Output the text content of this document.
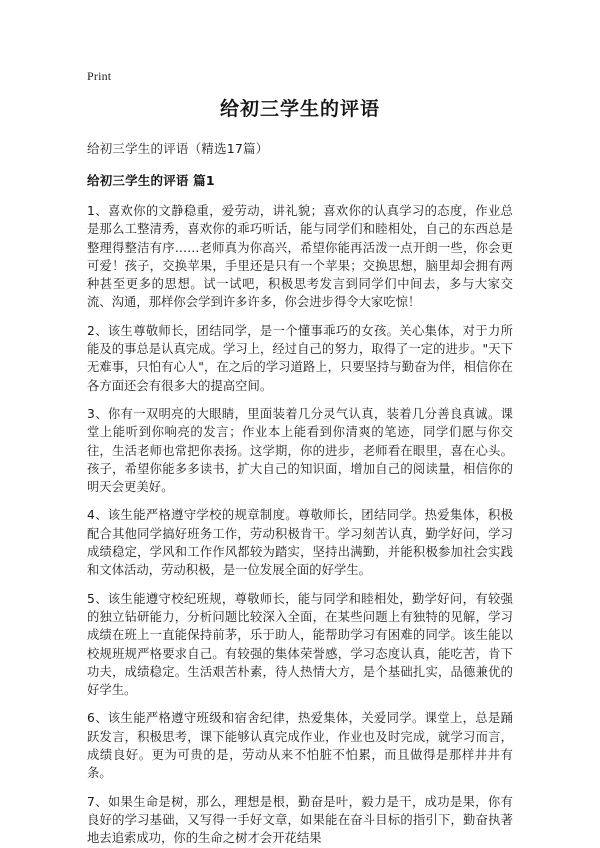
Print
给初三学生的评语

给初三学生的评语（精选17篇）

给初三学生的评语 篇1

1、喜欢你的文静稳重，爱劳动，讲礼貌；喜欢你的认真学习的态度，作业总是那么工整清秀，喜欢你的乖巧听话，能与同学们和睦相处，自己的东西总是整理得整洁有序……老师真为你高兴，希望你能再活泼一点开朗一些，你会更可爱！孩子，交换苹果，手里还是只有一个苹果；交换思想，脑里却会拥有两种甚至更多的思想。试一试吧，积极思考发言到同学们中间去，多与大家交流、沟通，那样你会学到许多许多，你会进步得令大家吃惊！

2、该生尊敬师长，团结同学，是一个懂事乖巧的女孩。关心集体，对于力所能及的事总是认真完成。学习上，经过自己的努力，取得了一定的进步。"天下无难事，只怕有心人"，在之后的学习道路上，只要坚持与勤奋为伴，相信你在各方面还会有很多大的提高空间。

3、你有一双明亮的大眼睛，里面装着几分灵气认真，装着几分善良真诚。课堂上能听到你响亮的发言；作业本上能看到你清爽的笔迹，同学们愿与你交往，生活老师也常把你表扬。这学期，你的进步，老师看在眼里，喜在心头。孩子，希望你能多多读书，扩大自己的知识面，增加自己的阅读量，相信你的明天会更美好。

4、该生能严格遵守学校的规章制度。尊敬师长，团结同学。热爱集体，积极配合其他同学搞好班务工作，劳动积极肯干。学习刻苦认真，勤学好问，学习成绩稳定，学风和工作作风都较为踏实，坚持出满勤，并能积极参加社会实践和文体活动，劳动积极，是一位发展全面的好学生。

5、该生能遵守校纪班规，尊敬师长，能与同学和睦相处，勤学好问，有较强的独立钻研能力，分析问题比较深入全面，在某些问题上有独特的见解，学习成绩在班上一直能保持前茅，乐于助人，能帮助学习有困难的同学。该生能以校规班规严格要求自己。有较强的集体荣誉感，学习态度认真，能吃苦，肯下功夫，成绩稳定。生活艰苦朴素，待人热情大方，是个基础扎实，品德兼优的好学生。

6、该生能严格遵守班级和宿舍纪律，热爱集体，关爱同学。课堂上，总是踊跃发言，积极思考，课下能够认真完成作业，作业也及时完成，就学习而言，成绩良好。更为可贵的是，劳动从来不怕脏不怕累，而且做得是那样井井有条。

7、如果生命是树，那么，理想是根，勤奋是叶，毅力是干，成功是果，你有良好的学习基础，又写得一手好文章，如果能在奋斗目标的指引下，勤奋执著地去追索成功，你的生命之树才会开花结果
